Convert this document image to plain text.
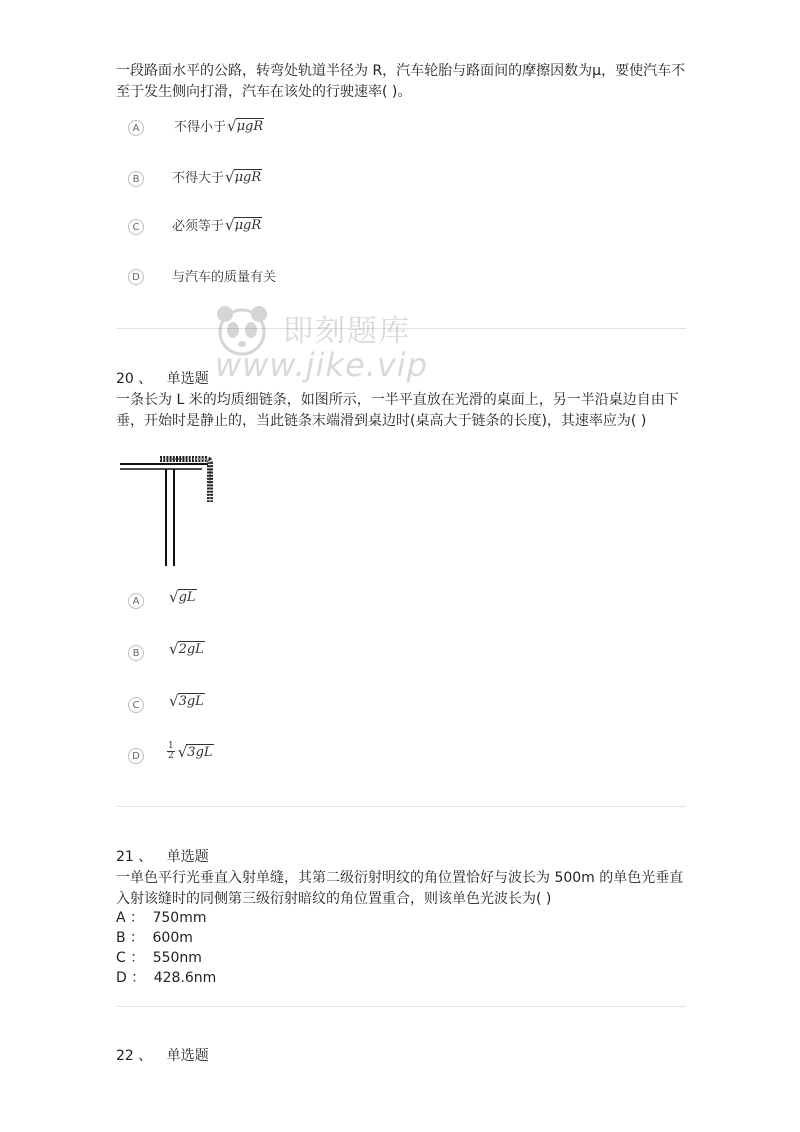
一段路面水平的公路，转弯处轨道半径为 R，汽车轮胎与路面间的摩擦因数为μ，要使汽车不至于发生侧向打滑，汽车在该处的行驶速率( )。
A	不得小于 √ μgR
B	不得大于 √ μgR
C	必须等于 √ μgR
D	与汽车的质量有关
即刻题库
www.jike.vip
20 、 单选题
一条长为 L 米的均质细链条，如图所示，一半平直放在光滑的桌面上，另一半沿桌边自由下垂，开始时是静止的，当此链条末端滑到桌边时(桌高大于链条的长度)，其速率应为( )
A	√ gL
B	√ 2gL
C	√ 3gL
D	$\frac{1}{2}$ √ 3gL
21 、 单选题
一单色平行光垂直入射单缝，其第二级衍射明纹的角位置恰好与波长为 500m 的单色光垂直入射该缝时的同侧第三级衍射暗纹的角位置重合，则该单色光波长为( )
A ： 750mm
B ： 600m
C ： 550nm
D ： 428.6nm
22 、 单选题
